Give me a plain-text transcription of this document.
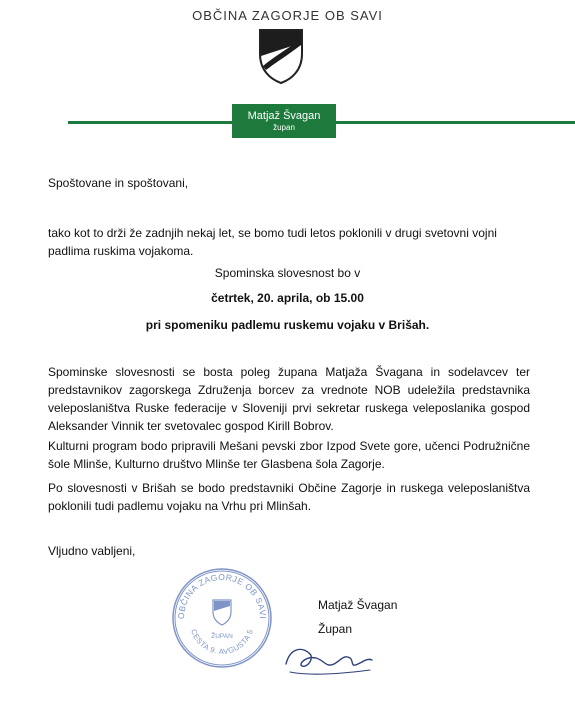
OBČINA ZAGORJE OB SAVI
Matjaž Švagan
župan

Spoštovane in spoštovani,

tako kot to drži že zadnjih nekaj let, se bomo tudi letos poklonili v drugi svetovni vojni padlima ruskima vojakoma.

Spominska slovesnost bo v

četrtek, 20. aprila, ob 15.00

pri spomeniku padlemu ruskemu vojaku v Brišah.

Spominske slovesnosti se bosta poleg župana Matjaža Švagana in sodelavcev ter predstavnikov zagorskega Združenja borcev za vrednote NOB udeležila predstavnika veleposlaništva Ruske federacije v Sloveniji prvi sekretar ruskega veleposlanika gospod Aleksander Vinnik ter svetovalec gospod Kirill Bobrov.

Kulturni program bodo pripravili Mešani pevski zbor Izpod Svete gore, učenci Podružnične šole Mlinše, Kulturno društvo Mlinše ter Glasbena šola Zagorje.

Po slovesnosti v Brišah se bodo predstavniki Občine Zagorje in ruskega veleposlaništva poklonili tudi padlemu vojaku na Vrhu pri Mlinšah.

Vljudno vabljeni,

OBČINA ZAGORJE OB SAVI
CESTA 9. AVGUSTA 5
ŽUPAN
Matjaž Švagan
Župan
